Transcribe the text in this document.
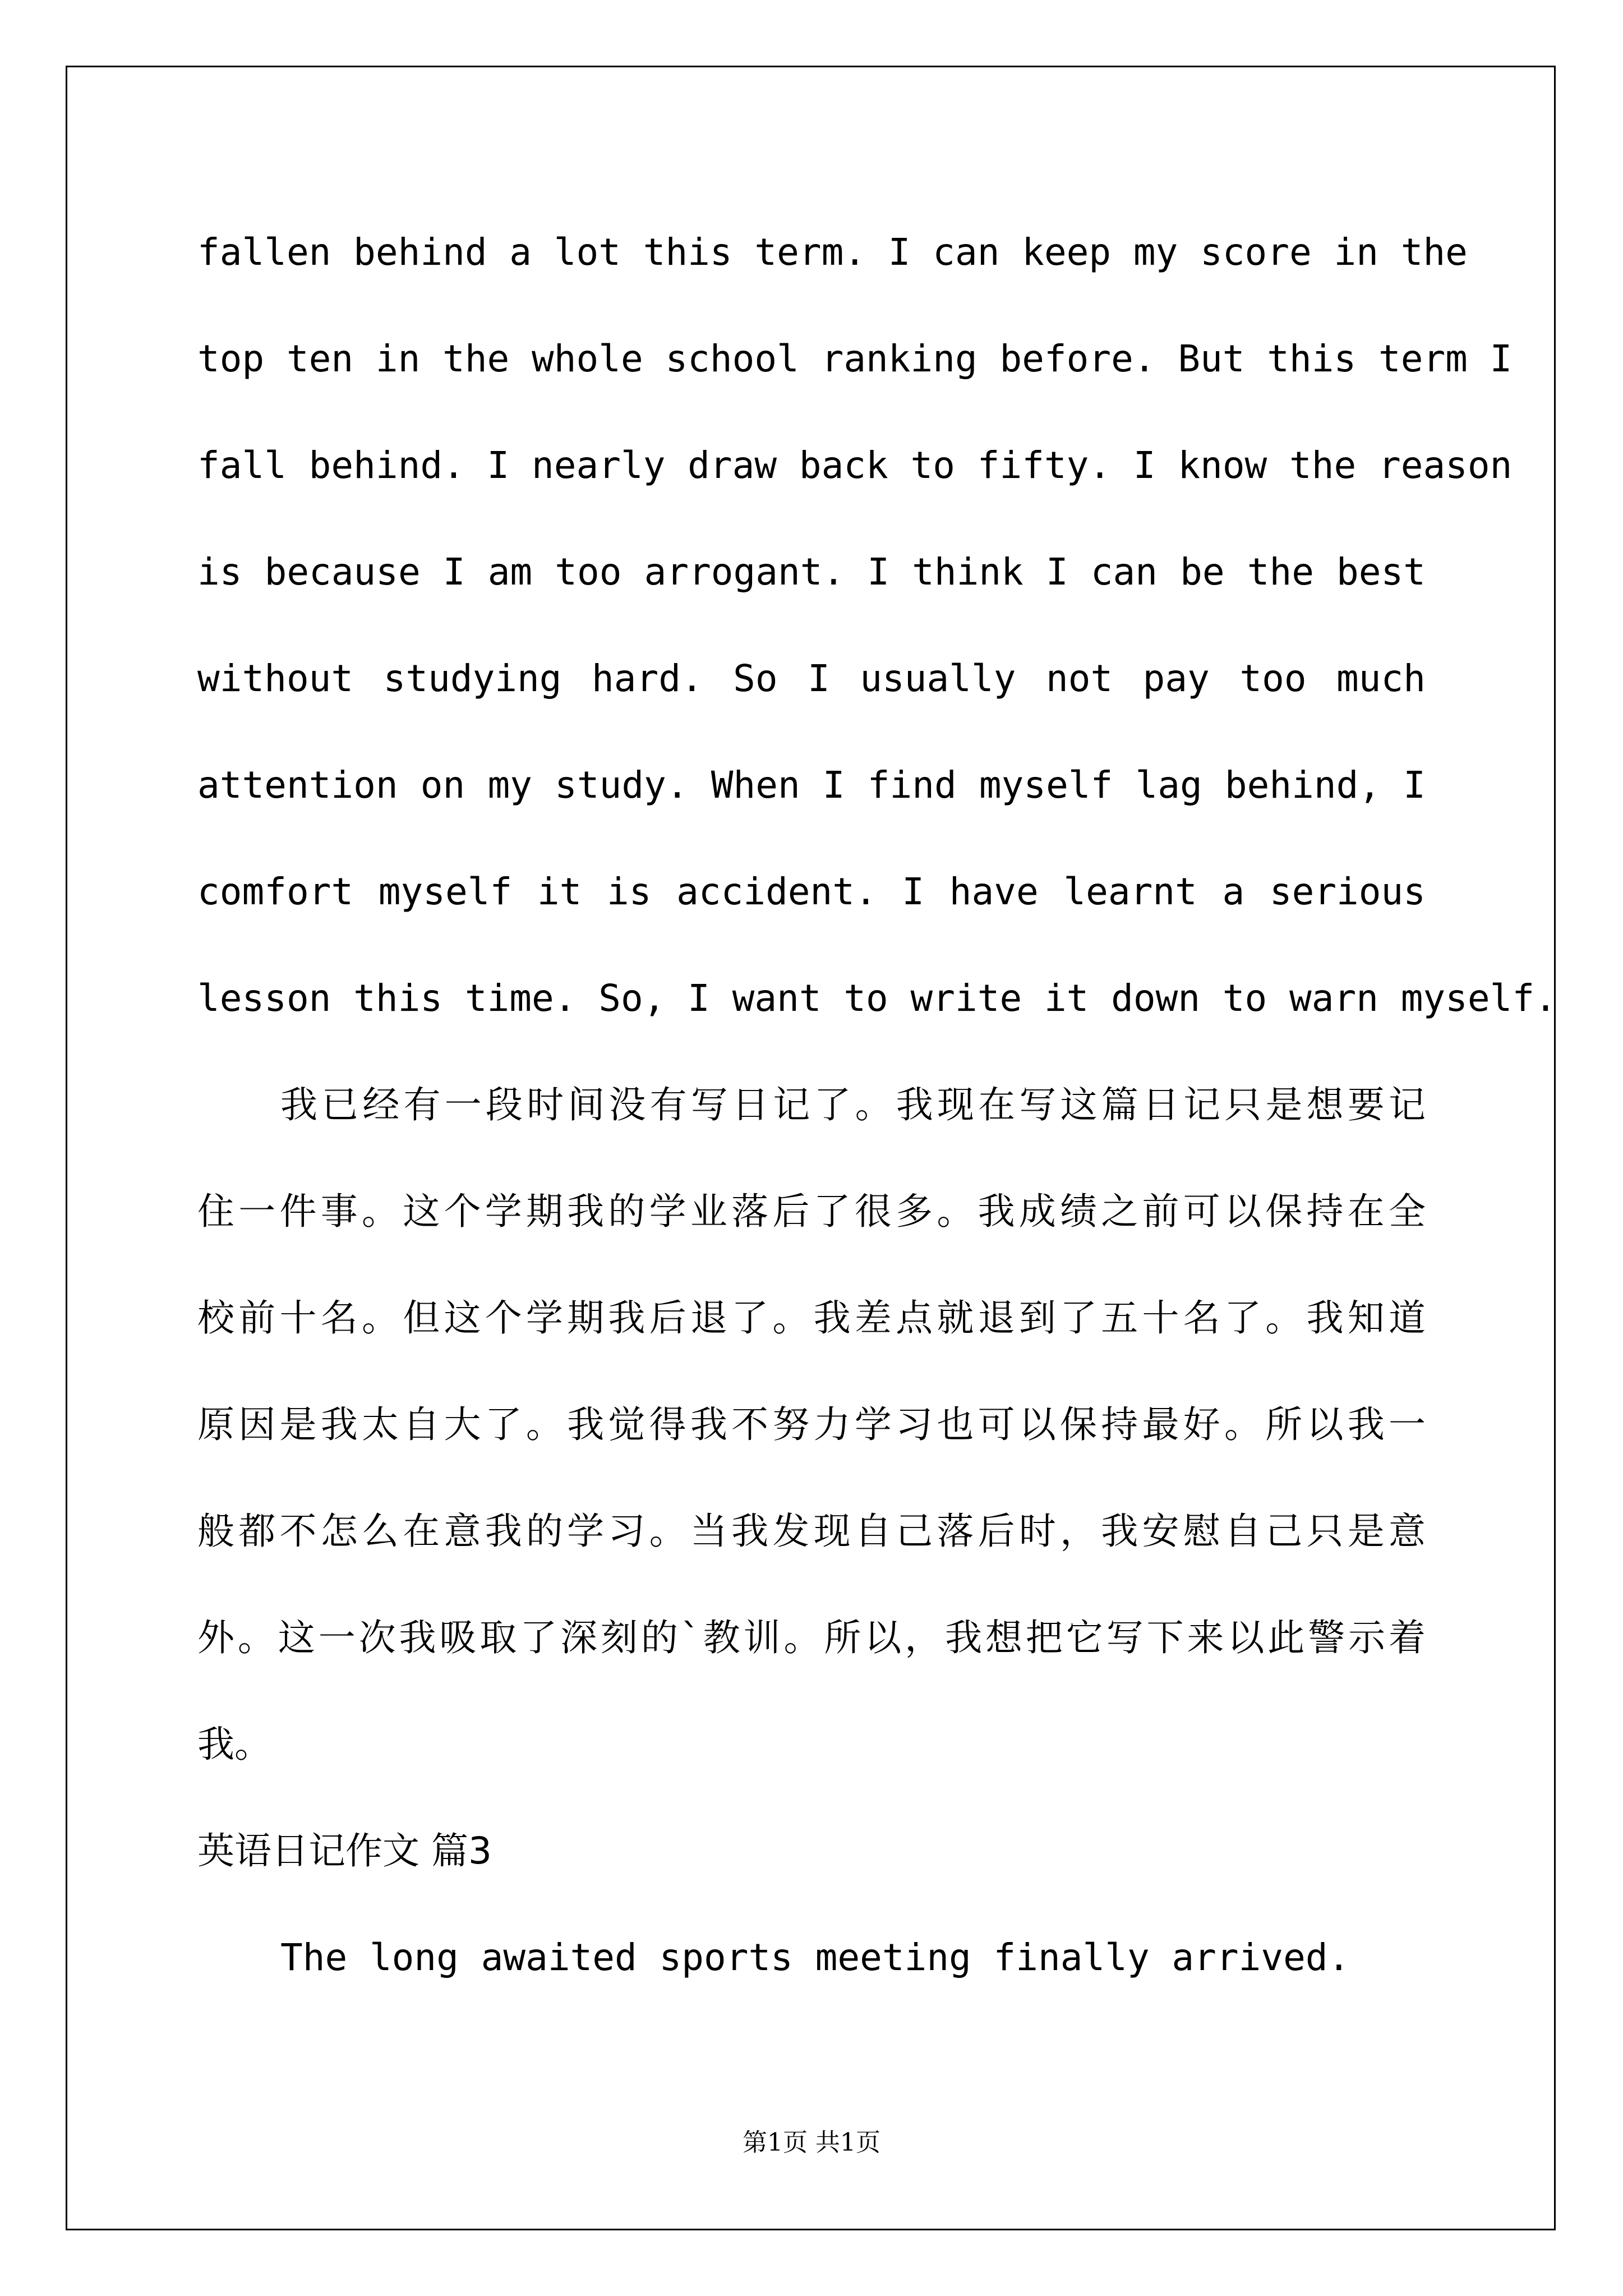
fallen behind a lot this term. I can keep my score in the
top ten in the whole school ranking before. But this term I
fall behind. I nearly draw back to fifty. I know the reason
is because I am too arrogant. I think I can be the best
without studying hard. So I usually not pay too much
attention on my study. When I find myself lag behind, I
comfort myself it is accident. I have learnt a serious
lesson this time. So, I want to write it down to warn myself.
我已经有一段时间没有写日记了。我现在写这篇日记只是想要记
住一件事。这个学期我的学业落后了很多。我成绩之前可以保持在全
校前十名。但这个学期我后退了。我差点就退到了五十名了。我知道
原因是我太自大了。我觉得我不努力学习也可以保持最好。所以我一
般都不怎么在意我的学习。当我发现自己落后时，我安慰自己只是意
外。这一次我吸取了深刻的`教训。所以，我想把它写下来以此警示着
我。
英语日记作文 篇3
The long awaited sports meeting finally arrived.
第1页 共1页
